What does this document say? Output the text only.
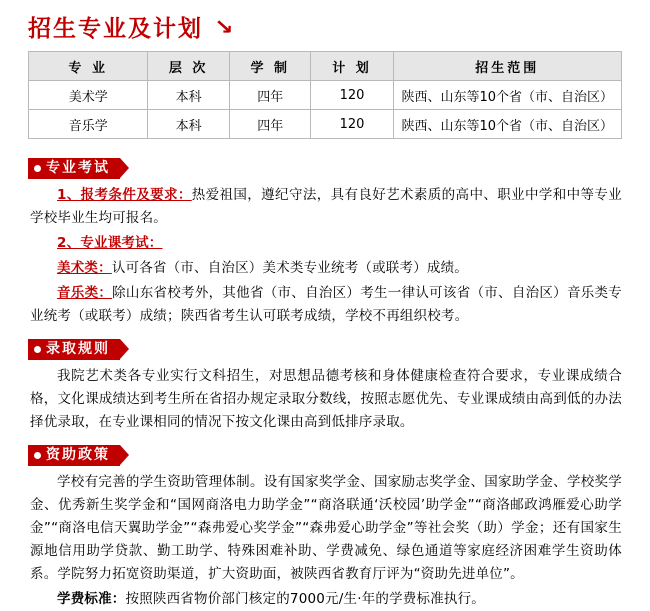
招生专业及计划 ↘
专 业	层 次	学 制	计 划	招生范围
美术学	本科	四年	120	陕西、山东等10个省（市、自治区）
音乐学	本科	四年	120	陕西、山东等10个省（市、自治区）
专业考试

1、报考条件及要求：热爱祖国，遵纪守法，具有良好艺术素质的高中、职业中学和中等专业学校毕业生均可报名。

2、专业课考试：

美术类：认可各省（市、自治区）美术类专业统考（或联考）成绩。

音乐类：除山东省校考外，其他省（市、自治区）考生一律认可该省（市、自治区）音乐类专业统考（或联考）成绩；陕西省考生认可联考成绩，学校不再组织校考。

录取规则

我院艺术类各专业实行文科招生，对思想品德考核和身体健康检查符合要求，专业课成绩合格，文化课成绩达到考生所在省招办规定录取分数线，按照志愿优先、专业课成绩由高到低的办法择优录取，在专业课相同的情况下按文化课由高到低排序录取。

资助政策

学校有完善的学生资助管理体制。设有国家奖学金、国家励志奖学金、国家助学金、学校奖学金、优秀新生奖学金和“国网商洛电力助学金”“商洛联通‘沃校园’助学金”“商洛邮政鸿雁爱心助学金”“商洛电信天翼助学金”“森弗爱心奖学金”“森弗爱心助学金”等社会奖（助）学金；还有国家生源地信用助学贷款、勤工助学、特殊困难补助、学费减免、绿色通道等家庭经济困难学生资助体系。学院努力拓宽资助渠道，扩大资助面，被陕西省教育厅评为“资助先进单位”。

学费标准：按照陕西省物价部门核定的7000元/生·年的学费标准执行。
